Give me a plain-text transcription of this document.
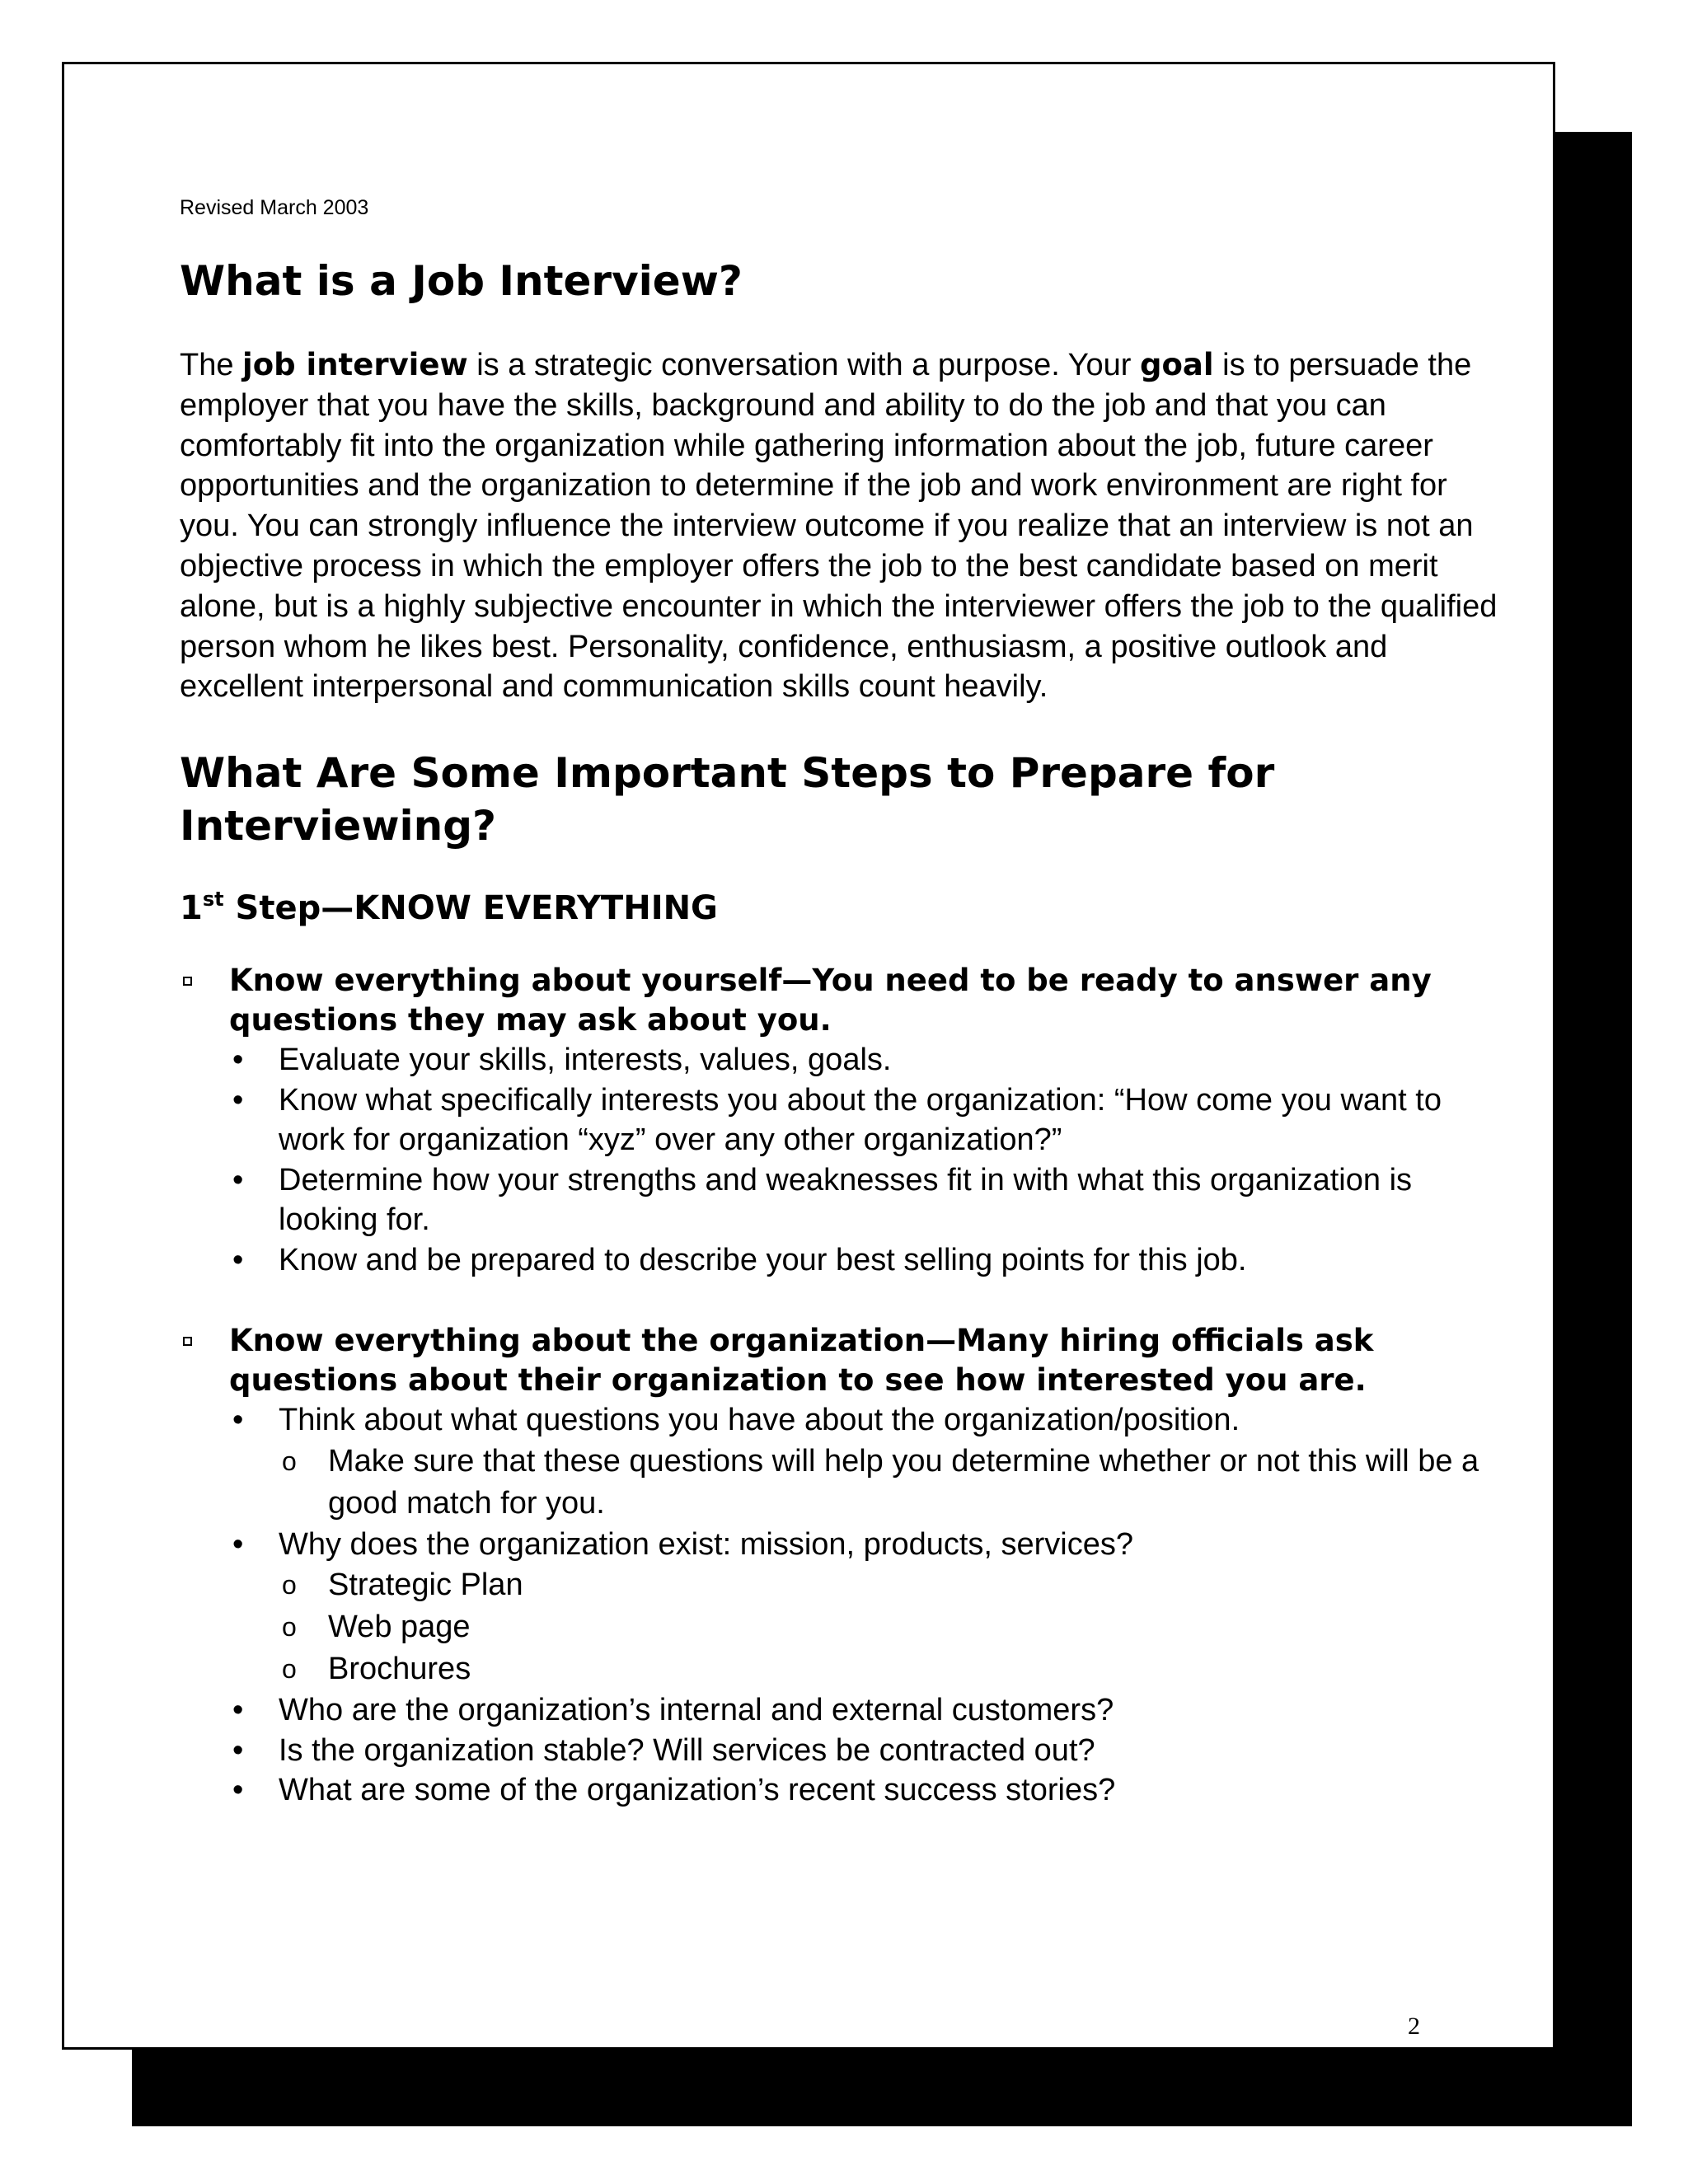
Revised March 2003
What is a Job Interview?

The job interview is a strategic conversation with a purpose. Your goal is to persuade the employer that you have the skills, background and ability to do the job and that you can comfortably fit into the organization while gathering information about the job, future career opportunities and the organization to determine if the job and work environment are right for you. You can strongly influence the interview outcome if you realize that an interview is not an objective process in which the employer offers the job to the best candidate based on merit alone, but is a highly subjective encounter in which the interviewer offers the job to the qualified person whom he likes best. Personality, confidence, enthusiasm, a positive outlook and excellent interpersonal and communication skills count heavily.

What Are Some Important Steps to Prepare for Interviewing?
1st Step—KNOW EVERYTHING
Know everything about yourself—You need to be ready to answer any questions they may ask about you.
•	Evaluate your skills, interests, values, goals.
•	Know what specifically interests you about the organization: “How come you want to work for organization “xyz” over any other organization?”
•	Determine how your strengths and weaknesses fit in with what this organization is looking for.
•	Know and be prepared to describe your best selling points for this job.
Know everything about the organization—Many hiring officials ask questions about their organization to see how interested you are.
•	Think about what questions you have about the organization/position.
o Make sure that these questions will help you determine whether or not this will be a good match for you.
•	Why does the organization exist: mission, products, services?
o Strategic Plan
o Web page
o Brochures
•	Who are the organization’s internal and external customers?
•	Is the organization stable? Will services be contracted out?
•	What are some of the organization’s recent success stories?
2
